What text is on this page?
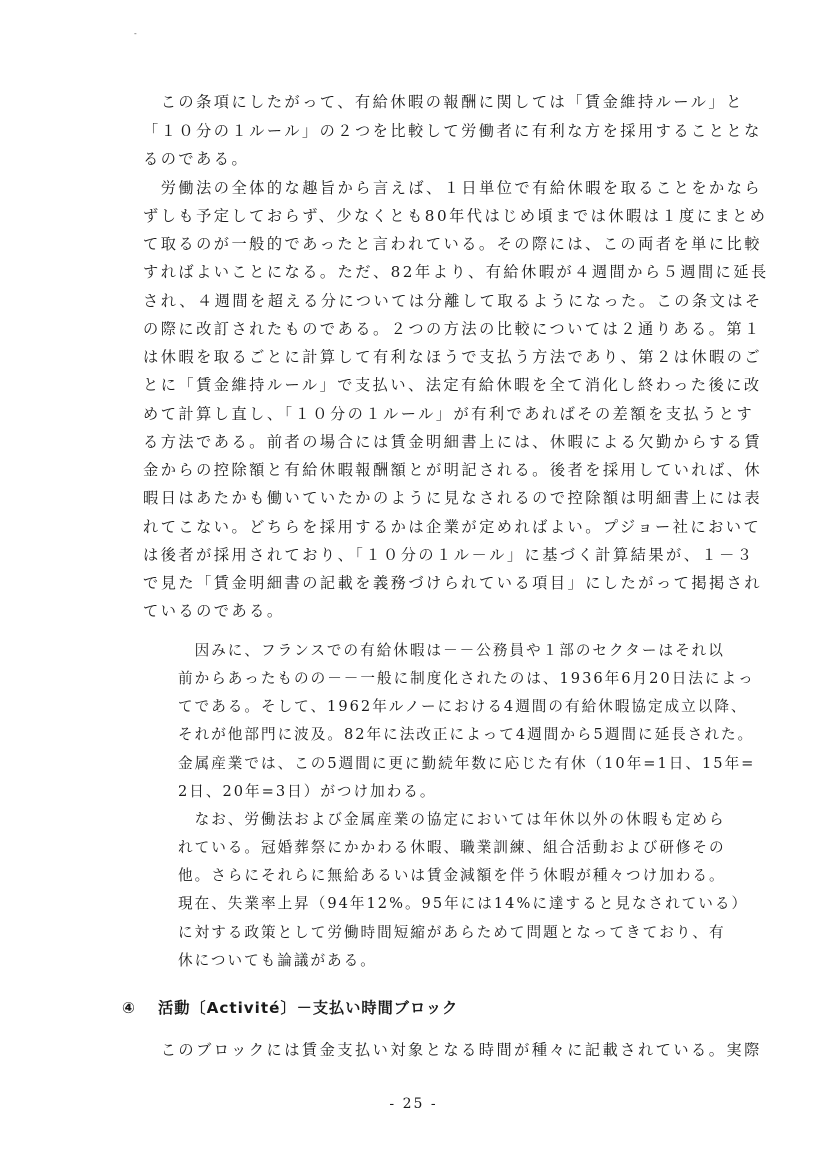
-
　この条項にしたがって、有給休暇の報酬に関しては「賃金維持ルール」と
「１０分の１ルール」の２つを比較して労働者に有利な方を採用することとな
るのである。
　労働法の全体的な趣旨から言えば、１日単位で有給休暇を取ることをかなら
ずしも予定しておらず、少なくとも80年代はじめ頃までは休暇は１度にまとめ
て取るのが一般的であったと言われている。その際には、この両者を単に比較
すればよいことになる。ただ、82年より、有給休暇が４週間から５週間に延長
され、４週間を超える分については分離して取るようになった。この条文はそ
の際に改訂されたものである。２つの方法の比較については２通りある。第１
は休暇を取るごとに計算して有利なほうで支払う方法であり、第２は休暇のご
とに「賃金維持ルール」で支払い、法定有給休暇を全て消化し終わった後に改
めて計算し直し、「１０分の１ルール」が有利であればその差額を支払うとす
る方法である。前者の場合には賃金明細書上には、休暇による欠勤からする賃
金からの控除額と有給休暇報酬額とが明記される。後者を採用していれば、休
暇日はあたかも働いていたかのように見なされるので控除額は明細書上には表
れてこない。どちらを採用するかは企業が定めればよい。プジョー社において
は後者が採用されており、「１０分の１ル－ル」に基づく計算結果が、１－３
で見た「賃金明細書の記載を義務づけられている項目」にしたがって掲掲され
ているのである。
　因みに、フランスでの有給休暇は－－公務員や１部のセクターはそれ以
前からあったものの－－一般に制度化されたのは、1936年6月20日法によっ
てである。そして、1962年ルノーにおける4週間の有給休暇協定成立以降、
それが他部門に波及。82年に法改正によって4週間から5週間に延長された。
金属産業では、この5週間に更に勤続年数に応じた有休（10年=1日、15年=
2日、20年=3日）がつけ加わる。
　なお、労働法および金属産業の協定においては年休以外の休暇も定めら
れている。冠婚葬祭にかかわる休暇、職業訓練、組合活動および研修その
他。さらにそれらに無給あるいは賃金減額を伴う休暇が種々つけ加わる。
現在、失業率上昇（94年12%。95年には14%に達すると見なされている）
に対する政策として労働時間短縮があらためて問題となってきており、有
休についても論議がある。
④ 活動〔Activité〕－支払い時間ブロック
　このブロックには賃金支払い対象となる時間が種々に記載されている。実際
- 25 -
